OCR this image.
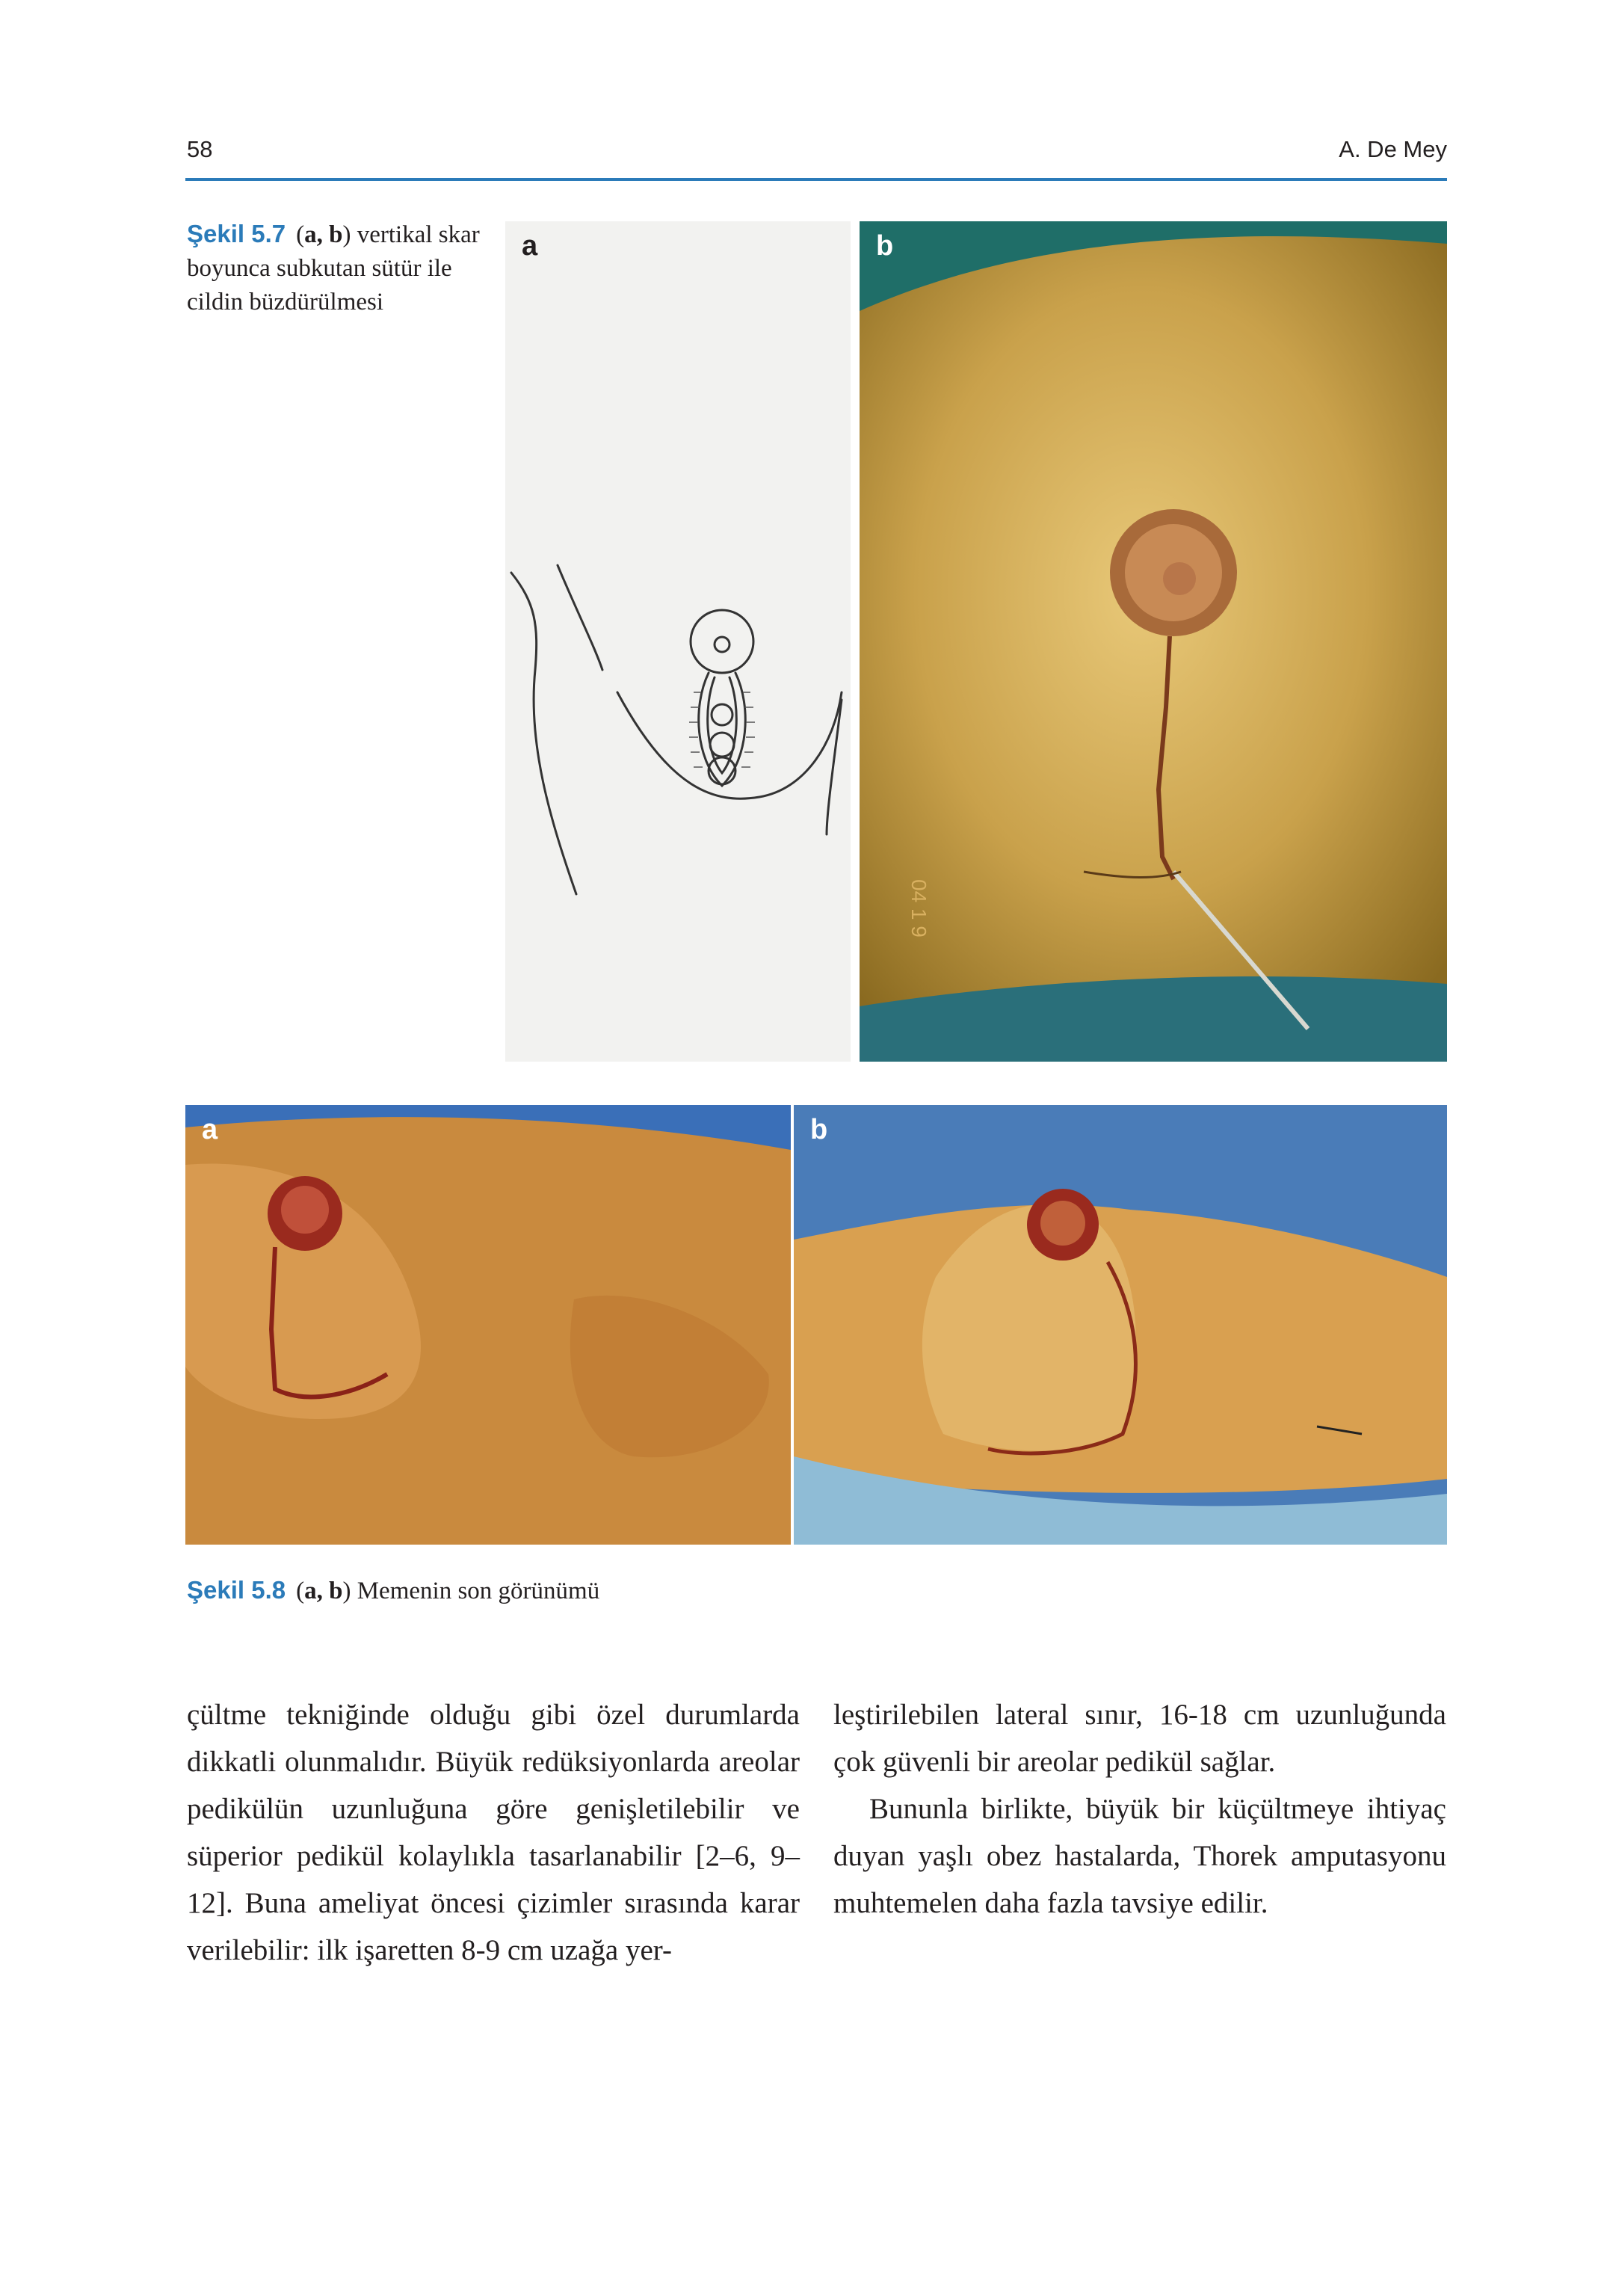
58	A. De Mey
Şekil 5.7 (a, b) vertikal skar boyunca subkutan sütür ile cildin büzdürülmesi
a
04 1 9
b
a	b
Şekil 5.8 (a, b) Memenin son görünümü

çültme tekniğinde olduğu gibi özel durumlarda dikkatli olunmalıdır. Büyük redüksiyonlarda areolar pedikülün uzunluğuna göre genişletilebilir ve süperior pedikül kolaylıkla tasarlanabilir [2–6, 9–12]. Buna ameliyat öncesi çizimler sırasında karar verilebilir: ilk işaretten 8-9 cm uzağa yer-

leştirilebilen lateral sınır, 16-18 cm uzunluğunda çok güvenli bir areolar pedikül sağlar.

Bununla birlikte, büyük bir küçültmeye ihtiyaç duyan yaşlı obez hastalarda, Thorek amputasyonu muhtemelen daha fazla tavsiye edilir.
